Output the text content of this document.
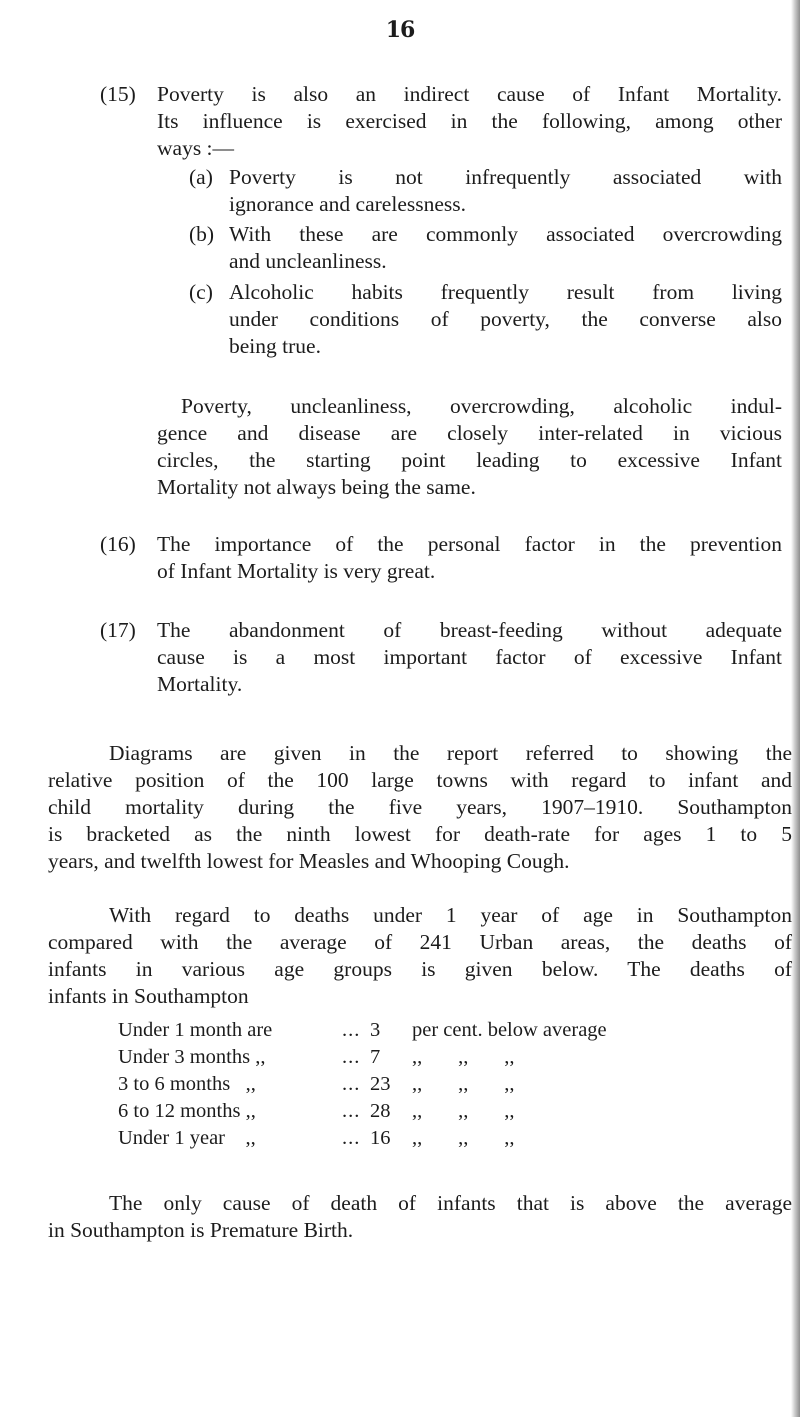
16
(15) Poverty is also an indirect cause of Infant Mortality.
Its influence is exercised in the following, among other
ways :—
(a) Poverty is not infrequently associated with
ignorance and carelessness.
(b) With these are commonly associated overcrowding
and uncleanliness.
(c) Alcoholic habits frequently result from living
under conditions of poverty, the converse also
being true.
Poverty, uncleanliness, overcrowding, alcoholic indul-
gence and disease are closely inter-related in vicious
circles, the starting point leading to excessive Infant
Mortality not always being the same.
(16) The importance of the personal factor in the prevention
of Infant Mortality is very great.
(17) The abandonment of breast-feeding without adequate
cause is a most important factor of excessive Infant
Mortality.
Diagrams are given in the report referred to showing the
relative position of the 100 large towns with regard to infant and
child mortality during the five years, 1907–1910. Southampton
is bracketed as the ninth lowest for death-rate for ages 1 to 5
years, and twelfth lowest for Measles and Whooping Cough.
With regard to deaths under 1 year of age in Southampton
compared with the average of 241 Urban areas, the deaths of
infants in various age groups is given below. The deaths of
infants in Southampton
Under 1 month are	... 3 per cent. below average
Under 3 months ,,	... 7 ,,       ,,       ,,
3 to 6 months   ,,	... 23 ,,       ,,       ,,
6 to 12 months ,,	... 28 ,,       ,,       ,,
Under 1 year    ,,	... 16 ,,       ,,       ,,
The only cause of death of infants that is above the average
in Southampton is Premature Birth.
